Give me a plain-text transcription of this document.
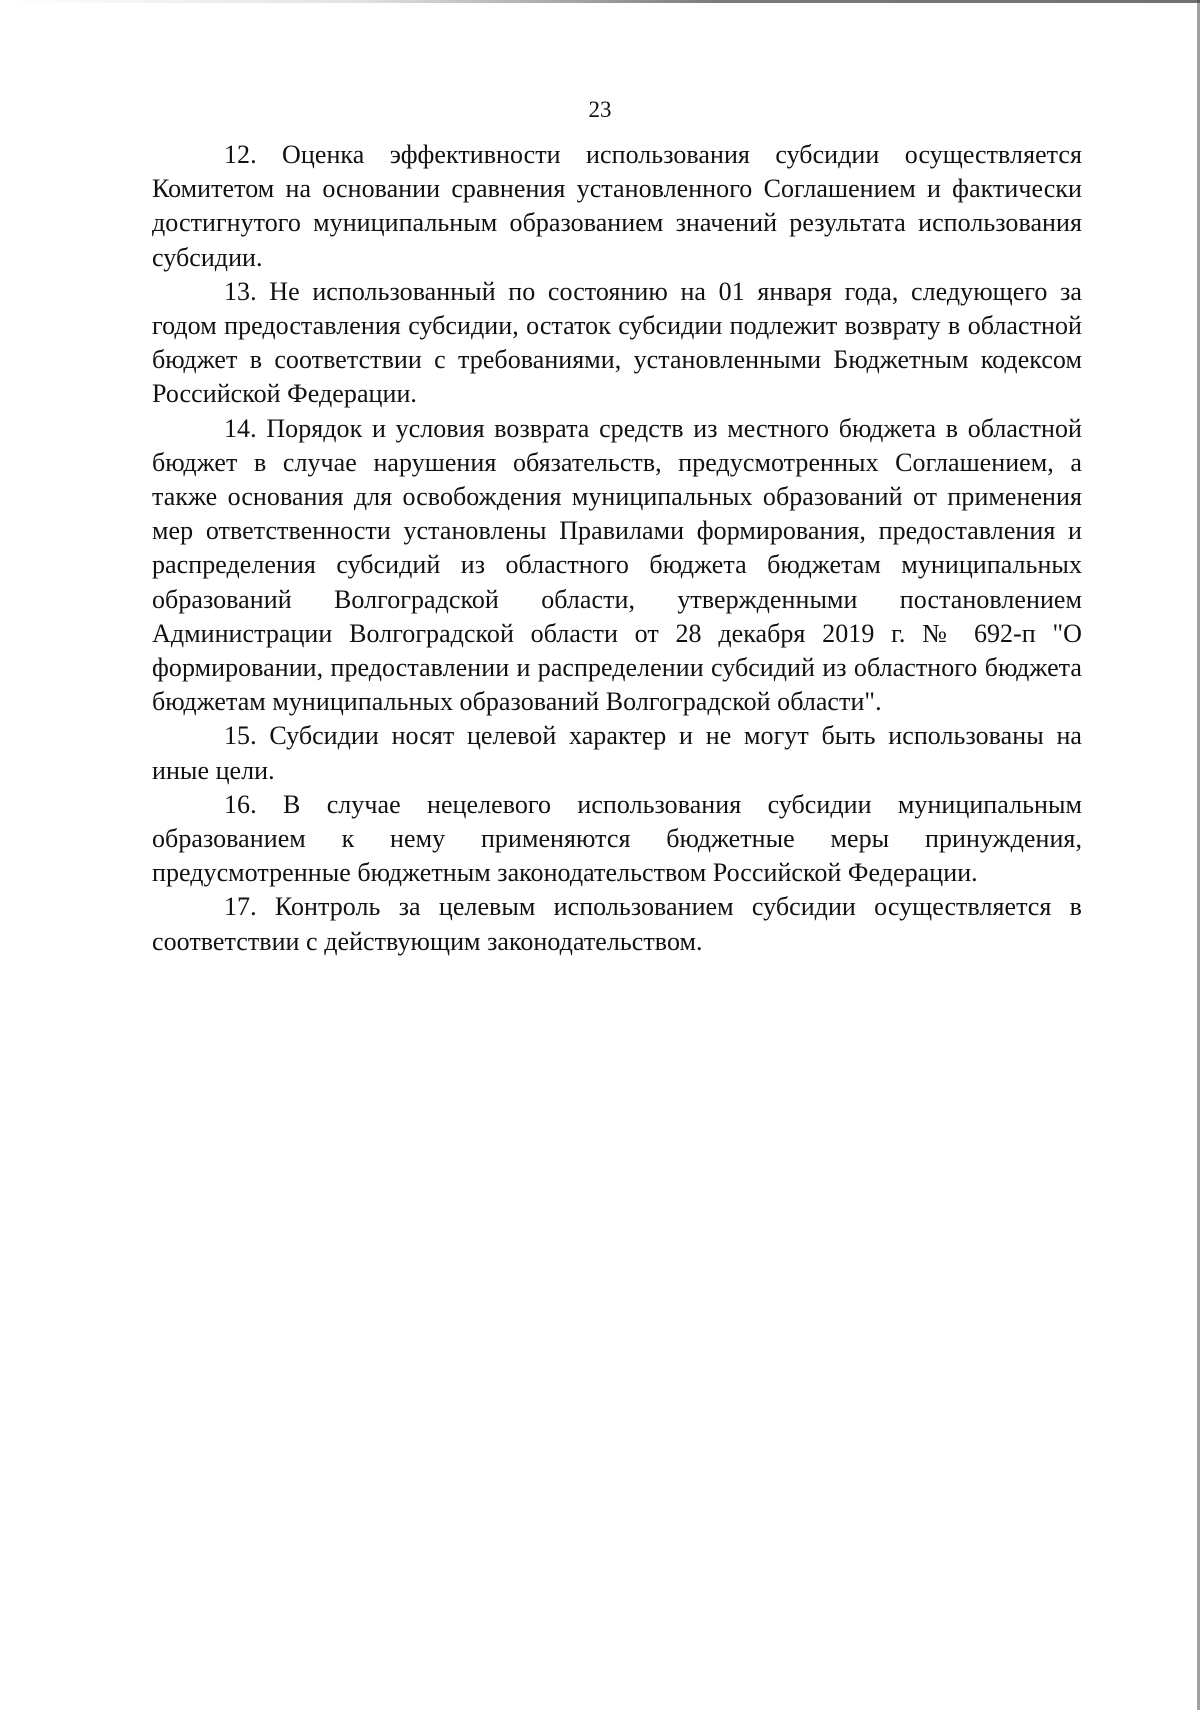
23

12. Оценка эффективности использования субсидии осуществляется Комитетом на основании сравнения установленного Соглашением и фактически достигнутого муниципальным образованием значений результата использования субсидии.

13. Не использованный по состоянию на 01 января года, следующего за годом предоставления субсидии, остаток субсидии подлежит возврату в областной бюджет в соответствии с требованиями, установленными Бюджетным кодексом Российской Федерации.

14. Порядок и условия возврата средств из местного бюджета в областной бюджет в случае нарушения обязательств, предусмотренных Соглашением, а также основания для освобождения муниципальных образований от применения мер ответственности установлены Правилами формирования, предоставления и распределения субсидий из областного бюджета бюджетам муниципальных образований Волгоградской области, утвержденными постановлением Администрации Волгоградской области от 28 декабря 2019 г. № 692-п "О формировании, предоставлении и распределении субсидий из областного бюджета бюджетам муниципальных образований Волгоградской области".

15. Субсидии носят целевой характер и не могут быть использованы на иные цели.

16. В случае нецелевого использования субсидии муниципальным образованием к нему применяются бюджетные меры принуждения, предусмотренные бюджетным законодательством Российской Федерации.

17. Контроль за целевым использованием субсидии осуществляется в соответствии с действующим законодательством.
